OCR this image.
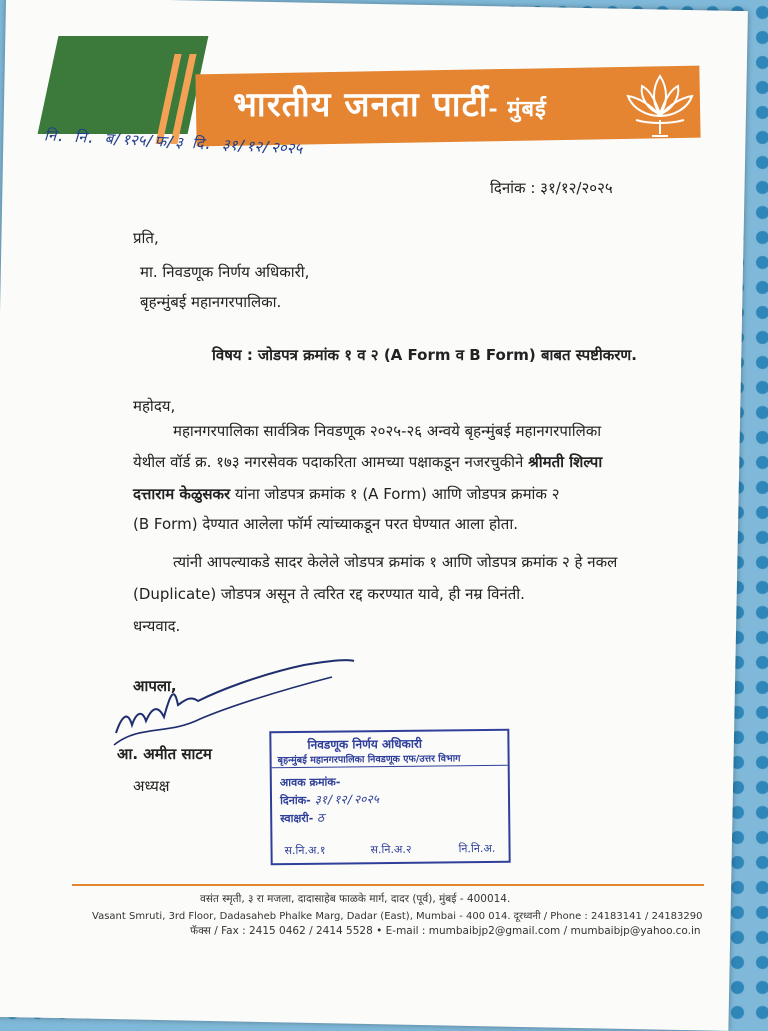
भारतीय जनता पार्टी- मुंबई
नि. नि. ब/१२५/फ/३ दि. ३१/१२/२०२५
दिनांक : ३१/१२/२०२५
प्रति,
मा. निवडणूक निर्णय अधिकारी,
बृहन्मुंबई महानगरपालिका.
विषय : जोडपत्र क्रमांक १ व २ (A Form व B Form) बाबत स्पष्टीकरण.
महोदय,
महानगरपालिका सार्वत्रिक निवडणूक २०२५-२६ अन्वये बृहन्मुंबई महानगरपालिका
येथील वॉर्ड क्र. १७३ नगरसेवक पदाकरिता आमच्या पक्षाकडून नजरचुकीने श्रीमती शिल्पा
दत्ताराम केळुसकर यांना जोडपत्र क्रमांक १ (A Form) आणि जोडपत्र क्रमांक २
(B Form) देण्यात आलेला फॉर्म त्यांच्याकडून परत घेण्यात आला होता.
त्यांनी आपल्याकडे सादर केलेले जोडपत्र क्रमांक १ आणि जोडपत्र क्रमांक २ हे नकल
(Duplicate) जोडपत्र असून ते त्वरित रद्द करण्यात यावे, ही नम्र विनंती.
धन्यवाद.
आपला,
आ. अमीत साटम
अध्यक्ष
निवडणूक निर्णय अधिकारी
बृहन्मुंबई महानगरपालिका निवडणूक एफ/उत्तर विभाग
आवक क्रमांक-
दिनांक- ३१/१२/२०२५
स्वाक्षरी- ठ
स.नि.अ.१	स.नि.अ.२	नि.नि.अ.
वसंत स्मृती, ३ रा मजला, दादासाहेब फाळके मार्ग, दादर (पूर्व), मुंबई - 400014.
Vasant Smruti, 3rd Floor, Dadasaheb Phalke Marg, Dadar (East), Mumbai - 400 014. दूरध्वनी / Phone : 24183141 / 24183290
फॅक्स / Fax : 2415 0462 / 2414 5528 • E-mail : mumbaibjp2@gmail.com / mumbaibjp@yahoo.co.in
